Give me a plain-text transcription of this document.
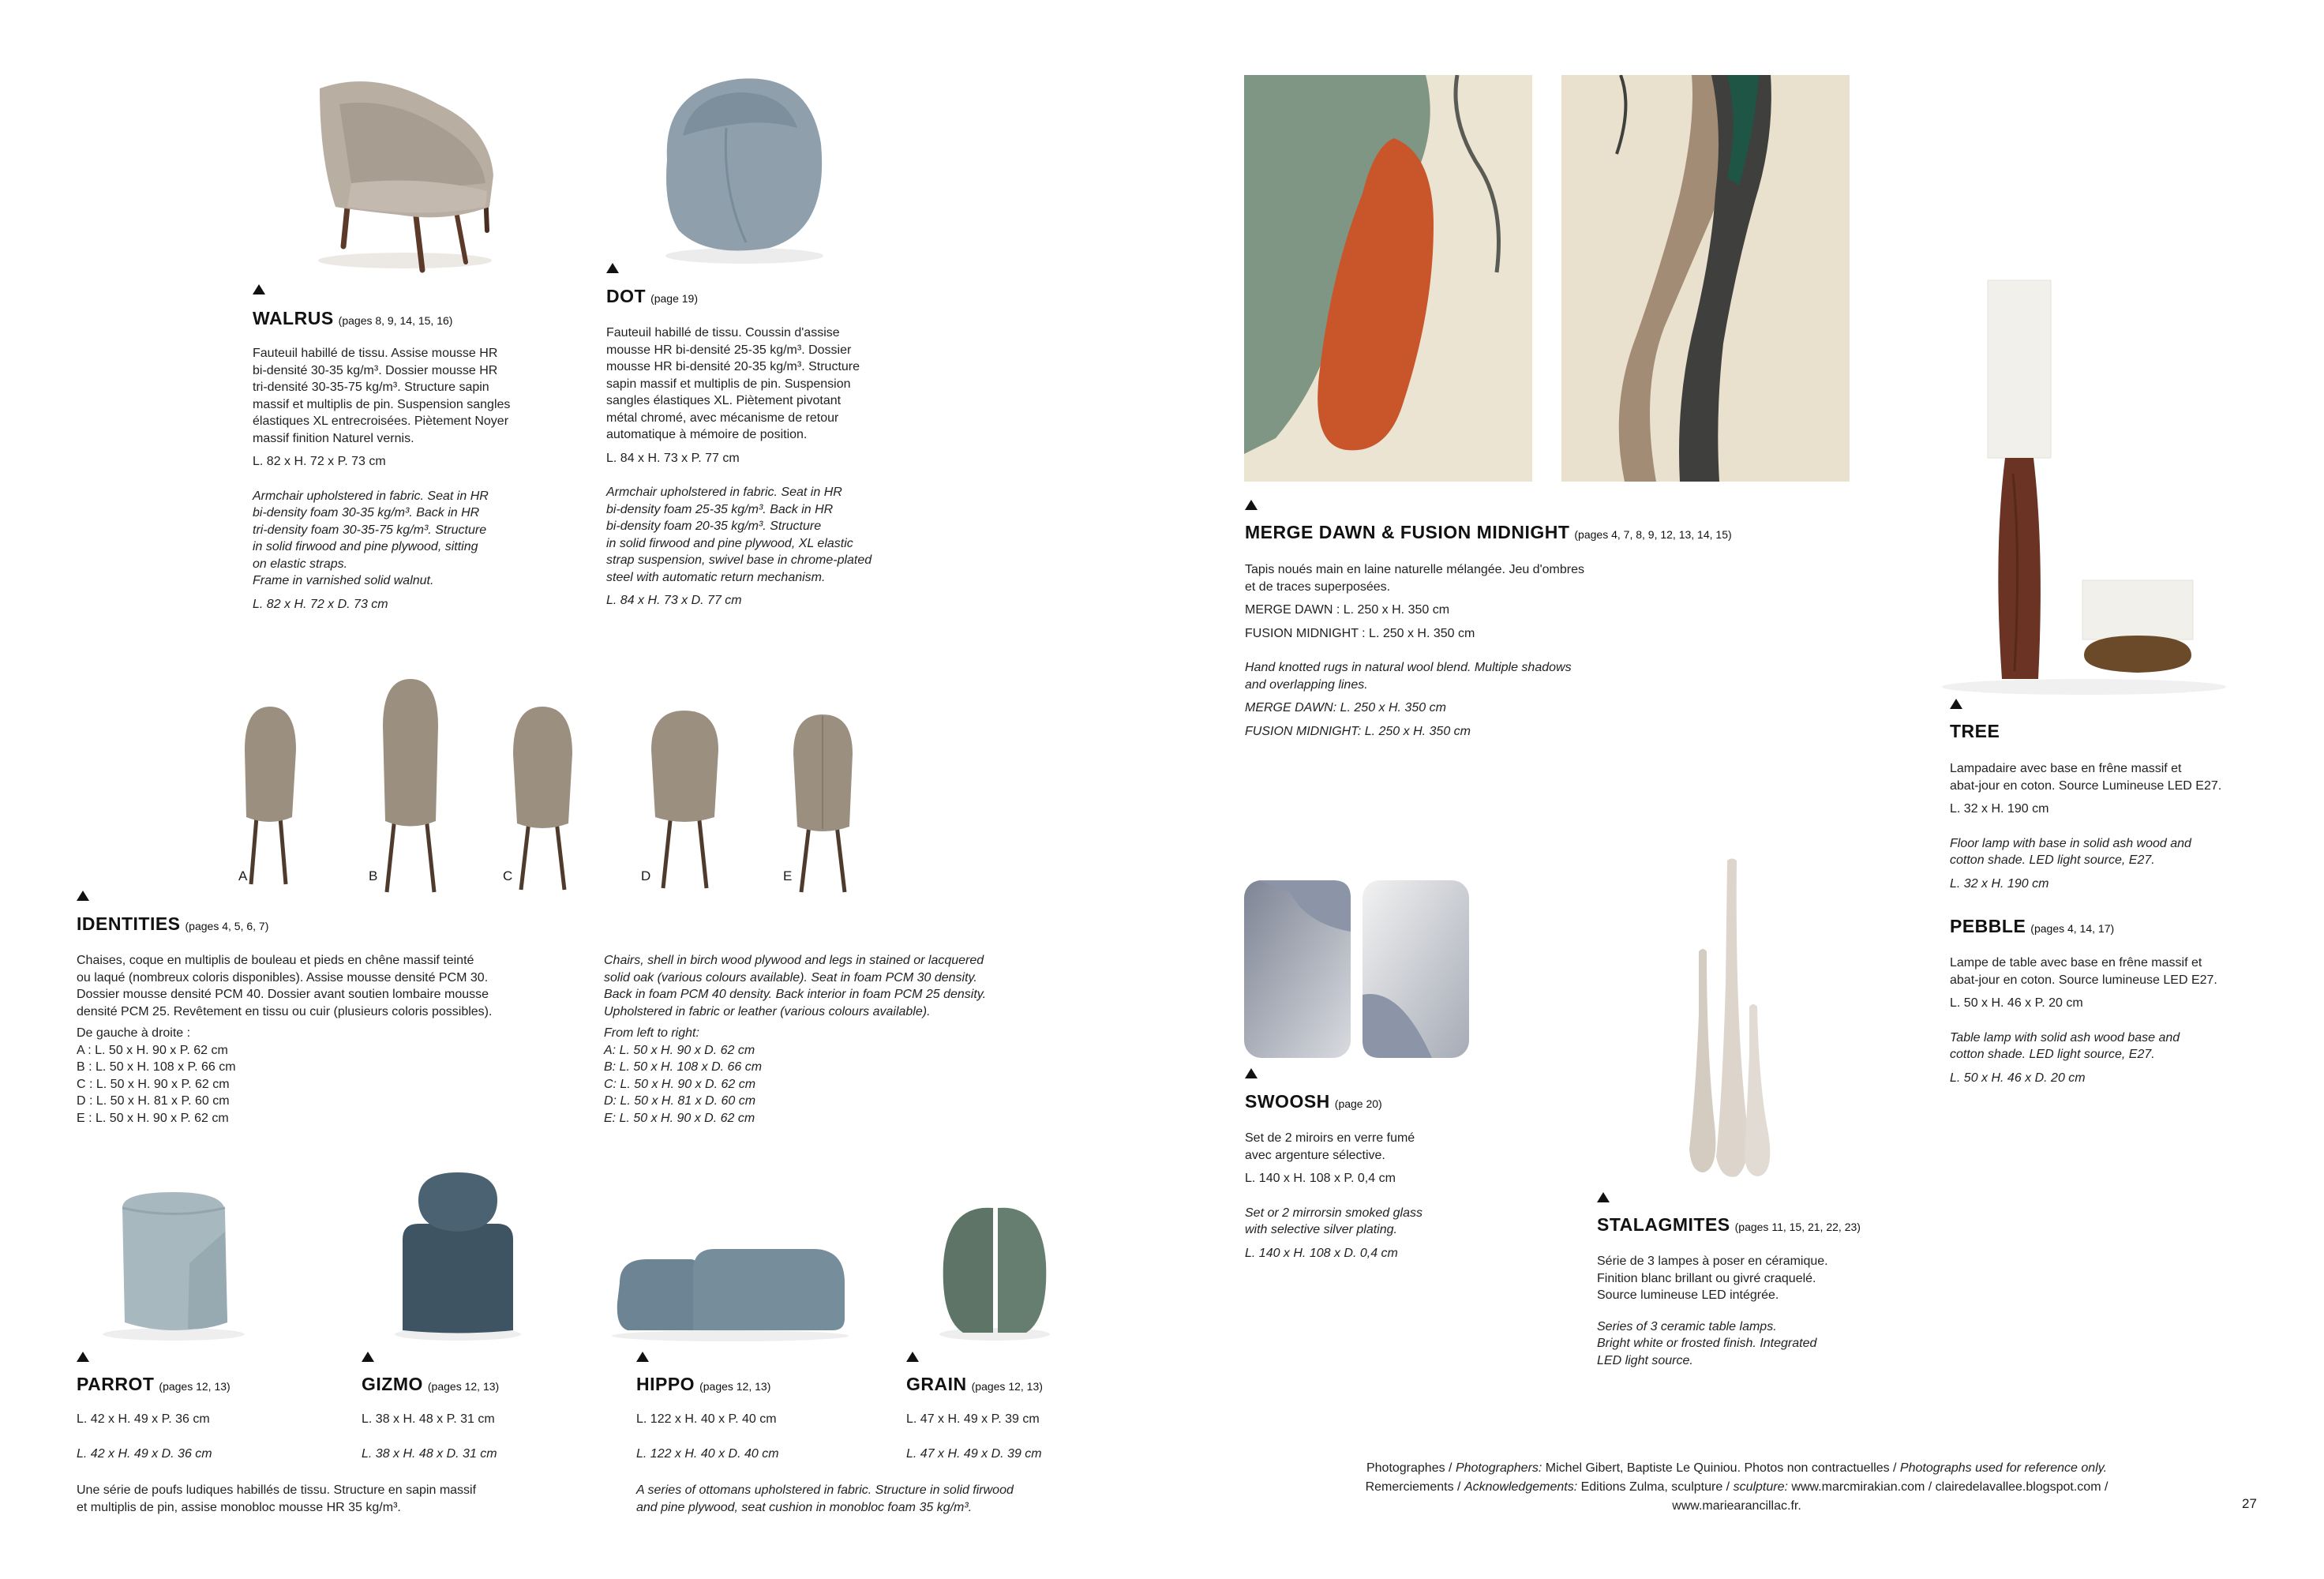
WALRUS (pages 8, 9, 14, 15, 16)

Fauteuil habillé de tissu. Assise mousse HR

bi-densité 30-35 kg/m³. Dossier mousse HR

tri-densité 30-35-75 kg/m³. Structure sapin

massif et multiplis de pin. Suspension sangles

élastiques XL entrecroisées. Piètement Noyer

massif finition Naturel vernis.

L. 82 x H. 72 x P. 73 cm

Armchair upholstered in fabric. Seat in HR

bi-density foam 30-35 kg/m³. Back in HR

tri-density foam 30-35-75 kg/m³. Structure

in solid firwood and pine plywood, sitting

on elastic straps.

Frame in varnished solid walnut.

L. 82 x H. 72 x D. 73 cm

DOT (page 19)

Fauteuil habillé de tissu. Coussin d'assise

mousse HR bi-densité 25-35 kg/m³. Dossier

mousse HR bi-densité 20-35 kg/m³. Structure

sapin massif et multiplis de pin. Suspension

sangles élastiques XL. Piètement pivotant

métal chromé, avec mécanisme de retour

automatique à mémoire de position.

L. 84 x H. 73 x P. 77 cm

Armchair upholstered in fabric. Seat in HR

bi-density foam 25-35 kg/m³. Back in HR

bi-density foam 20-35 kg/m³. Structure

in solid firwood and pine plywood, XL elastic

strap suspension, swivel base in chrome-plated

steel with automatic return mechanism.

L. 84 x H. 73 x D. 77 cm

A	B	C	D	E
IDENTITIES (pages 4, 5, 6, 7)

Chaises, coque en multiplis de bouleau et pieds en chêne massif teinté

ou laqué (nombreux coloris disponibles). Assise mousse densité PCM 30.

Dossier mousse densité PCM 40. Dossier avant soutien lombaire mousse

densité PCM 25. Revêtement en tissu ou cuir (plusieurs coloris possibles).

De gauche à droite :

A : L. 50 x H. 90 x P. 62 cm

B : L. 50 x H. 108 x P. 66 cm

C : L. 50 x H. 90 x P. 62 cm

D : L. 50 x H. 81 x P. 60 cm

E : L. 50 x H. 90 x P. 62 cm

Chairs, shell in birch wood plywood and legs in stained or lacquered

solid oak (various colours available). Seat in foam PCM 30 density.

Back in foam PCM 40 density. Back interior in foam PCM 25 density.

Upholstered in fabric or leather (various colours available).

From left to right:

A: L. 50 x H. 90 x D. 62 cm

B: L. 50 x H. 108 x D. 66 cm

C: L. 50 x H. 90 x D. 62 cm

D: L. 50 x H. 81 x D. 60 cm

E: L. 50 x H. 90 x D. 62 cm

PARROT (pages 12, 13)
L. 42 x H. 49 x P. 36 cm
L. 42 x H. 49 x D. 36 cm
GIZMO (pages 12, 13)
L. 38 x H. 48 x P. 31 cm
L. 38 x H. 48 x D. 31 cm
HIPPO (pages 12, 13)
L. 122 x H. 40 x P. 40 cm
L. 122 x H. 40 x D. 40 cm
GRAIN (pages 12, 13)
L. 47 x H. 49 x P. 39 cm
L. 47 x H. 49 x D. 39 cm

Une série de poufs ludiques habillés de tissu. Structure en sapin massif

et multiplis de pin, assise monobloc mousse HR 35 kg/m³.

A series of ottomans upholstered in fabric. Structure in solid firwood

and pine plywood, seat cushion in monobloc foam 35 kg/m³.

MERGE DAWN & FUSION MIDNIGHT (pages 4, 7, 8, 9, 12, 13, 14, 15)

Tapis noués main en laine naturelle mélangée. Jeu d'ombres

et de traces superposées.

MERGE DAWN : L. 250 x H. 350 cm

FUSION MIDNIGHT : L. 250 x H. 350 cm

Hand knotted rugs in natural wool blend. Multiple shadows

and overlapping lines.

MERGE DAWN: L. 250 x H. 350 cm

FUSION MIDNIGHT: L. 250 x H. 350 cm	TREE

Lampadaire avec base en frêne massif et

abat-jour en coton. Source Lumineuse LED E27.

L. 32 x H. 190 cm

Floor lamp with base in solid ash wood and

cotton shade. LED light source, E27.

L. 32 x H. 190 cm

PEBBLE (pages 4, 14, 17)

Lampe de table avec base en frêne massif et

abat-jour en coton. Source lumineuse LED E27.

L. 50 x H. 46 x P. 20 cm

Table lamp with solid ash wood base and

cotton shade. LED light source, E27.

L. 50 x H. 46 x D. 20 cm

SWOOSH (page 20)

Set de 2 miroirs en verre fumé

avec argenture sélective.

L. 140 x H. 108 x P. 0,4 cm

Set or 2 mirrorsin smoked glass

with selective silver plating.

L. 140 x H. 108 x D. 0,4 cm

STALAGMITES (pages 11, 15, 21, 22, 23)

Série de 3 lampes à poser en céramique.

Finition blanc brillant ou givré craquelé.

Source lumineuse LED intégrée.

Series of 3 ceramic table lamps.

Bright white or frosted finish. Integrated

LED light source.

Photographes / Photographers: Michel Gibert, Baptiste Le Quiniou. Photos non contractuelles / Photographs used for reference only.
Remerciements / Acknowledgements: Editions Zulma, sculpture / sculpture: www.marcmirakian.com / clairedelavallee.blogspot.com /
www.mariearancillac.fr.	27
